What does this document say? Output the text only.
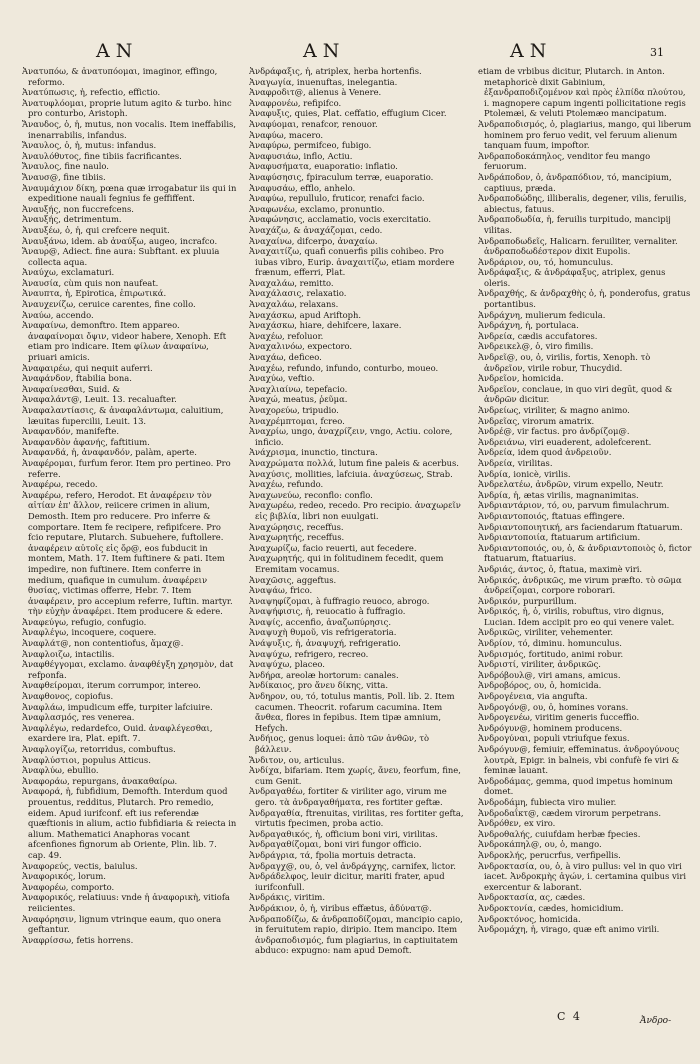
AN	AN	AN	31

Ἀνατυπόω, & ἀνατυπόομαι, imaginor, effingo, reformo.

Ἀνατύπωσις, ἡ, refectio, effictio.

Ἀνατυφλόομαι, proprie lutum agito & turbo. hinc pro conturbo, Aristoph.

Ἄναυδος, ὁ, ἡ, mutus, non vocalis. Item ineffabilis, inenarrabilis, infandus.

Ἄναυλος, ὁ, ἡ, mutus: infandus.

Ἀναυλόθυτος, fine tibiis facrificantes.

Ἄναυλος, fine naulo.

Ἄναυσ@, fine tibiis.

Ἀναυμάχιον δίκη, pœna quæ irrogabatur iis qui in expeditione nauali fegnius fe geffiffent.

Ἀναυξής, non fuccrefcens.

Ἀναυξής, detrimentum.

Ἀναυξέω, ὁ, ἡ, qui crefcere nequit.

Ἀναυξάνω, idem. ab ἀναύξω, augeo, incrafco.

Ἄναυρ@, Adiect. fine aura: Subftant. ex pluuia collecta aqua.

Ἀναύχω, exclamaturi.

Ἀναυσία, cùm quis non naufeat.

Ἀναυπτα, ἡ, Epirotica, ἐπιρωτικά.

Ἀναυχενίζω, ceruice carentes, fine collo.

Ἀναύω, accendo.

Ἀναφαίνω, demonftro. Item appareo. ἀναφαίνομαι ὄψιν, videor habere, Xenoph. Eft etiam pro indicare. Item φίλων ἀναφαίνω, priuari amicis.

Ἀναφαιρέω, qui nequit auferri.

Ἀναφάνδον, ftabilia bona.

Ἀναφαίνεσθαι, Suid. &

Ἀναφαλάντ@, Leuit. 13. recaluafter.

Ἀναφαλαντίασις, & ἀναφαλάντωμα, caluitium, læuitas fupercilii, Leuit. 13.

Ἀναφανδόν, manifefte.

Ἀναφανδὸν ἀφανής, faftitium.

Ἀναφανδά, ἡ, ἀναφανδόν, palàm, aperte.

Ἀναφέρομαι, furfum feror. Item pro pertineo. Pro referre.

Ἀναφέρω, recedo.

Ἀναφέρω, refero, Herodot. Et ἀναφέρειν τὸν αἰτίαν ἐπ' ἄλλον, reiicere crimen in alium, Demosth. Item pro reducere. Pro inferre & comportare. Item fe recipere, refipifcere. Pro fcio reputare, Plutarch. Subuehere, fuftollere. ἀναφέρειν αὐτοῖς εἰς ὄρ@, eos fubducit in montem, Math. 17. Item fuftinere & pati. Item impedire, non fuftinere. Item conferre in medium, quafique in cumulum. ἀναφέρειν θυσίας, victimas offerre, Hebr. 7. Item ἀναφέρειν, pro accepium referre, Iuftin. martyr. τὴν εὐχὴν ἀναφέρει. Item producere & edere.

Ἀναφεύγω, refugio, confugio.

Ἀναφλέγω, incoquere, coquere.

Ἀναφλάτ@, non contentiofus, ἄμαχ@.

Ἀναφλοιζω, intactilis.

Ἀναφθέγγομαι, exclamo. ἀναφθέγξη χρησμὸν, dat refponfa.

Ἀναφθείρομαι, iterum corrumpor, intereo.

Ἀναφθονος, copiofus.

Ἀναφλάω, impudicum effe, turpiter lafciuire.

Ἀναφλασμός, res venerea.

Ἀναφλέγω, redardefco, Ouid. ἀναφλέγεσθαι, exardere ira, Plat. epift. 7.

Ἀναφλογίζω, retorridus, combuftus.

Ἀναφλύστιοι, populus Atticus.

Ἀναφλύω, ebullio.

Ἀναφοράω, repurgans, ἀνακαθαίρω.

Ἀναφορά, ἡ, fubfidium, Demofth. Interdum quod prouentus, redditus, Plutarch. Pro remedio, eidem. Apud iurifconf. eft ius referendæ quæftionis in alium, actio fubfidiaria & reiecta in alium. Mathematici Anaphoras vocant afcenfiones fignorum ab Oriente, Plin. lib. 7. cap. 49.

Ἀναφορεύς, vectis, baiulus.

Ἀναφορικός, lorum.

Ἀναφορέω, comporto.

Ἀναφορικός, relatiuus: vnde ἡ ἀναφορικὴ, vitiofa reiicientes.

Ἀναφόρησιν, lignum vtrinque eaum, quo onera geftantur.

Ἀναφρίσσω, fetis horrens.

Ἀνδράφαξις, ἡ, atriplex, herba hortenfis.

Ἀναγωγία, inuenuftas, inelegantia.

Ἀναφροδιτ@, alienus à Venere.

Ἀναφρονέω, refipifco.

Ἀναφυξις, quies, Plat. ceffatio, effugium Cicer.

Ἀναφύομαι, renafcor, renouor.

Ἀναφύω, macero.

Ἀναφύρω, permifceo, fubigo.

Ἀναφυσιάω, inflo, Actiu.

Ἀναφυσήματα, euaporatio: inflatio.

Ἀναφύσησις, fpiraculum terræ, euaporatio.

Ἀναφυσάω, efflo, anhelo.

Ἀναφύω, repullulo, fruticor, renafci facio.

Ἀναφωνέω, exclamo, pronuntio.

Ἀναφώνησις, acclamatio, vocis exercitatio.

Ἀναχάζω, & ἀναχάζομαι, cedo.

Ἀναχαίνω, difcerpo, ἀναχαίω.

Ἀναχαιτίζω, quafi conuerfis pilis cohibeo. Pro iubas vibro, Eurip. ἀναχαιτίζω, etiam mordere frænum, efferri, Plat.

Ἀναχαλάω, remitto.

Ἀναχάλασις, relaxatio.

Ἀναχαλάω, relaxans.

Ἀναχάσκω, apud Ariftoph.

Ἀναχάσκω, hiare, dehifcere, laxare.

Ἀναχέω, refoluor.

Ἀναχαλινόω, expectoro.

Ἀναχάω, deficeo.

Ἀναχέω, refundo, infundo, conturbo, moueo.

Ἀναχύω, veftio.

Ἀναχλιαίνω, tepefacio.

Ἀναχώ, meatus, ῥεῦμα.

Ἀναχορεύω, tripudio.

Ἀναχρέμπτομαι, fcreo.

Ἀναχρίω, ungo, ἀναχρίζειν, vngo, Actiu. colore, inficio.

Ἀνάχρισμα, inunctio, tinctura.

Ἀναχρώματα πολλά, lutum fine paleis & acerbus.

Ἀναχύσις, mollities, lafciuia. ἀναχύσεως, Strab.

Ἀναχέω, refundo.

Ἀναχωνεύω, reconflo: conflo.

Ἀναχωρέω, redeo, recedo. Pro recipio. ἀναχωρεῖν εἰς βιβλία, libri non euulgati.

Ἀναχώρησις, receffus.

Ἀναχωρητής, receffus.

Ἀναχωρίζω, facio reuerti, aut fecedere.

Ἀναχωρητής, qui in folitudinem fecedit, quem Eremitam vocamus.

Ἀναχῶσις, aggeftus.

Ἀναψάω, frico.

Ἀναψηφίζομαι, à fuffragio reuoco, abrogo.

Ἀναψήφισις, ἡ, reuocatio à fuffragio.

Ἀναψίς, accenfio, ἀναζωπύρησις.

Ἀναψυχὴ θυμοῦ, vis refrigeratoria.

Ἀνάψυξις, ἡ, ἀναψυχή, refrigeratio.

Ἀναψύχω, refrigero, recreo.

Ἀναψύχω, placeo.

Ἀνδήρα, areolæ hortorum: canales.

Ἀνδίκαιος, pro ἄνευ δίκης, vitta.

Ἀνδηρον, ου, τό, totulus mantis, Poll. lib. 2. Item cacumen. Theocrit. rofarum cacumina. Item ἄνθεα, flores in fepibus. Item tipæ amnium, Hefych.

Ἀνδήιος, genus loquei: ἀπὸ τῶν ἀνθῶν, τὸ βάλλειν.

Ἄνδιτον, ου, articulus.

Ἀνδίχα, bifariam. Item χωρίς, ἄνευ, feorfum, fine, cum Genit.

Ἀνδραγαθέω, fortiter & viriliter ago, virum me gero. τὰ ἀνδραγαθήματα, res fortiter geftæ.

Ἀνδραγαθία, ftrenuitas, virilitas, res fortiter gefta, virtutis fpecimen, proba actio.

Ἀνδραγαθικός, ἡ, officium boni viri, virilitas.

Ἀνδραγαθίζομαι, boni viri fungor officio.

Ἀνδράγρια, τά, fpolia mortuis detracta.

Ἀνδραγχ@, ου, ὁ, vel ἀνδράγχης, carnifex, lictor.

Ἀνδράδελφος, leuir dicitur, mariti frater, apud iurifconfull.

Ἀνδράκις, viritim.

Ἀνδράκιον, ὁ, ἡ, viribus effætus, ἀδύνατ@.

Ἀνδραποδίζω, & ἀνδραποδίζομαι, mancipio capio, in feruitutem rapio, diripio. Item mancipo. Item ἀνδραποδισμός, fum plagiarius, in captiuitatem abduco: expugno: nam apud Demoft.

etiam de vrbibus dicitur, Plutarch. in Anton. metaphoricè dixit Gabinium, ἐξανδραποδιζομένον καὶ πρὸς ἐλπίδα πλούτου, i. magnopere capum ingenti pollicitatione regis Ptolemæi, & veluti Ptolemæo mancipatum.

Ἀνδραποδισμός, ὁ, plagiarius, mango, qui liberum hominem pro feruo vedit, vel feruum alienum tanquam fuum, impoftor.

Ἀνδραποδοκάπηλος, venditor feu mango feruorum.

Ἀνδράποδον, ὁ, ἀνδραπόδιον, τό, mancipium, captiuus, præda.

Ἀνδραποδώδης, illiberalis, degener, vilis, feruilis, abiectus, fatuus.

Ἀνδραποδωδία, ἡ, feruilis turpitudo, mancipij vilitas.

Ἀνδραποδωδεῖς, Halicarn. feruiliter, vernaliter. ἀνδραποδωδέστερον dixit Eupolis.

Ἀνδράριον, ου, τό, homunculus.

Ἀνδράφαξις, & ἀνδράφαξυς, atriplex, genus oleris.

Ἀνδραχθής, & ἀνδραχθὴς ὁ, ἡ, ponderofus, gratus portantibus.

Ἀνδράχνη, mulierum fedicula.

Ἀνδράχνη, ἡ, portulaca.

Ἀνδρεία, cædis accufatores.

Ἀνδρεικελ@, ὁ, viro fimilis.

Ἀνδρεῖ@, ου, ὁ, virilis, fortis, Xenoph. τὸ ἀνδρεῖον, virile robur, Thucydid.

Ἀνδρεῖον, homicida.

Ἀνδρεῖον, conclaue, in quo viri degūt, quod & ἀνδρῶν dicitur.

Ἀνδρείως, viriliter, & magno animo.

Ἀνδρεῖας, virorum amatrix.

Ἀνδρέ@, vir factus. pro ἀνδρίζομ@.

Ἀνδρειάνω, viri euaderent, adolefcerent.

Ἀνδρεία, idem quod ἀνδρειοῦν.

Ἀνδρεία, virilitas.

Ἀνδρία, ionicè, virilis.

Ἀνδρελατέω, ἀνδρῶν, virum expello, Neutr.

Ἀνδρία, ἡ, ætas virilis, magnanimitas.

Ἀνδριαντάριον, τό, ου, parvum fimulachrum.

Ἀνδριαντοποιός, ftatuas effingere.

Ἀνδριαντοποιητική, ars faciendarum ftatuarum.

Ἀνδριαντοποιία, ftatuarum artificium.

Ἀνδριαντοποιός, ου, ὁ, & ἀνδριαντοποιὸς ὁ, fictor ftatuarum, ftatuarius.

Ἀνδριάς, άντος, ὁ, ftatua, maximè viri.

Ἀνδρικός, ἀνδρικῶς, me virum præfto. τὸ σῶμα ἀνδρείζομαι, corpore roborari.

Ἀνδρικόν, purpurillum.

Ἀνδρικός, ἡ, ὁ, virilis, robuftus, viro dignus, Lucian. Idem accipit pro eo qui venere valet.

Ἀνδρικῶς, viriliter, vehementer.

Ἀνδρίον, τό, diminu. homunculus.

Ἀνδρισμός, fortitudo, animi robur.

Ἀνδριστί, viriliter, ἀνδρικῶς.

Ἀνδρόβουλ@, viri amans, amicus.

Ἀνδροβόρος, ου, ὁ, homicida.

Ἀνδρογένεια, via angufta.

Ἀνδρογόν@, ου, ὁ, homines vorans.

Ἀνδρογενέω, viritim generis fucceffio.

Ἀνδρόγυν@, hominem producens.

Ἀνδρογύναι, populi vtriufque fexus.

Ἀνδρόγυν@, femiuir, effeminatus. ἀνδρογύνους λουτρὰ, Epigr. in balneis, vbi confufè fe viri & feminæ lauant.

Ἀνδροδάμας, gemma, quod impetus hominum domet.

Ἀνδροδάμη, fubiecta viro mulier.

Ἀνδροδαΐκτ@, cædem virorum perpetrans.

Ἀνδρόθεν, ex viro.

Ἀνδροθαλής, cuiufdam herbæ fpecies.

Ἀνδροκάπηλ@, ου, ὁ, mango.

Ἀνδροκλής, perucrfus, verfipellis.

Ἀνδροκτασία, ου, ὁ, à viro pullus: vel in quo viri iacet. Ἀνδροκμὴς ἀγών, i. certamina quibus viri exercentur & laborant.

Ἀνδροκτασία, ας, cædes.

Ἀνδροκτονία, cædes, homicidium.

Ἀνδροκτόνος, homicida.

Ἀνδρομάχη, ἡ, virago, quæ eft animo virili.

C 4	Ἀνδρο-
